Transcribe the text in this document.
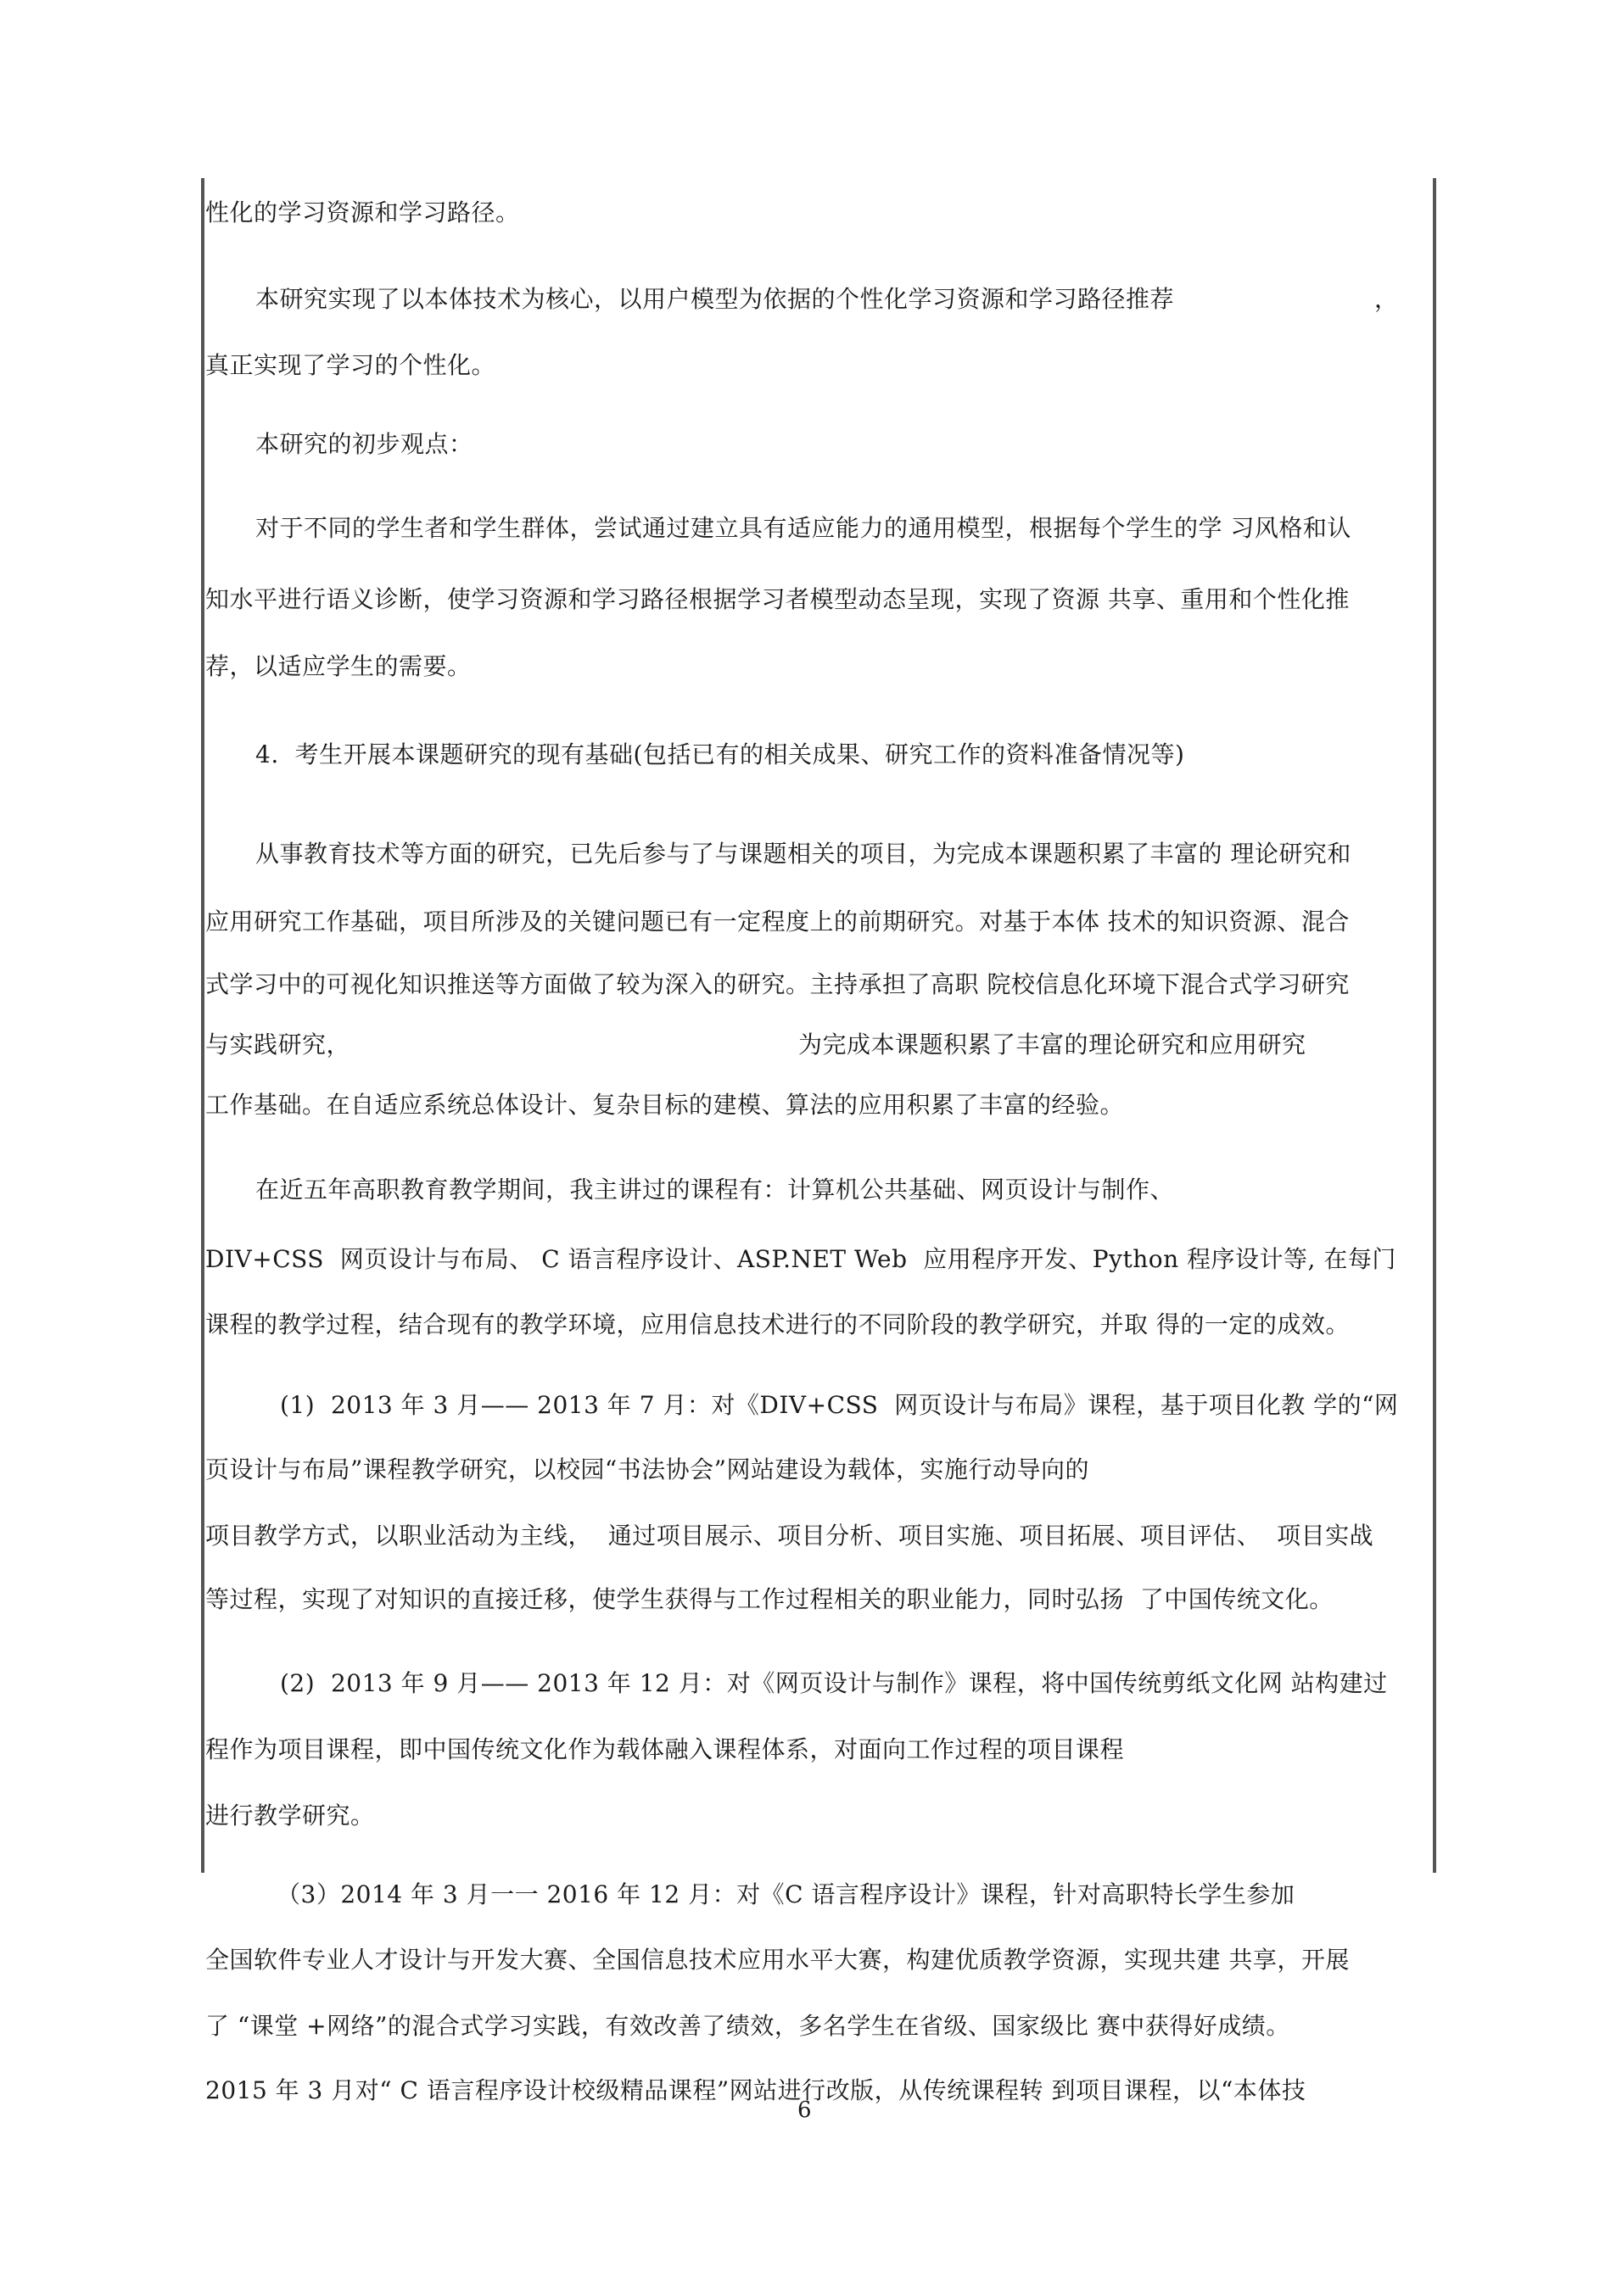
性化的学习资源和学习路径。
本研究实现了以本体技术为核心，以用户模型为依据的个性化学习资源和学习路径推荐	，
真正实现了学习的个性化。
本研究的初步观点：
对于不同的学生者和学生群体，尝试通过建立具有适应能力的通用模型，根据每个学生的学 习风格和认
知水平进行语义诊断，使学习资源和学习路径根据学习者模型动态呈现，实现了资源 共享、重用和个性化推
荐，以适应学生的需要。
4.  考生开展本课题研究的现有基础(包括已有的相关成果、研究工作的资料准备情况等)
从事教育技术等方面的研究，已先后参与了与课题相关的项目，为完成本课题积累了丰富的 理论研究和
应用研究工作基础，项目所涉及的关键问题已有一定程度上的前期研究。对基于本体 技术的知识资源、混合
式学习中的可视化知识推送等方面做了较为深入的研究。主持承担了高职 院校信息化环境下混合式学习研究
与实践研究，	为完成本课题积累了丰富的理论研究和应用研究
工作基础。在自适应系统总体设计、复杂目标的建模、算法的应用积累了丰富的经验。
在近五年高职教育教学期间，我主讲过的课程有：计算机公共基础、网页设计与制作、
DIV+CSS  网页设计与布局、 C 语言程序设计、ASP.NET Web  应用程序开发、Python 程序设计等, 在每门
课程的教学过程，结合现有的教学环境，应用信息技术进行的不同阶段的教学研究，并取 得的一定的成效。
(1)  2013 年 3 月—— 2013 年 7 月：对《DIV+CSS  网页设计与布局》课程，基于项目化教 学的“网
页设计与布局”课程教学研究，以校园“书法协会”网站建设为载体，实施行动导向的
项目教学方式，以职业活动为主线，  通过项目展示、项目分析、项目实施、项目拓展、项目评估、  项目实战
等过程，实现了对知识的直接迁移，使学生获得与工作过程相关的职业能力，同时弘扬  了中国传统文化。
(2)  2013 年 9 月—— 2013 年 12 月：对《网页设计与制作》课程，将中国传统剪纸文化网 站构建过
程作为项目课程，即中国传统文化作为载体融入课程体系，对面向工作过程的项目课程
进行教学研究。
（3）2014 年 3 月一一 2016 年 12 月：对《C 语言程序设计》课程，针对高职特长学生参加
全国软件专业人才设计与开发大赛、全国信息技术应用水平大赛，构建优质教学资源，实现共建 共享，开展
了 “课堂 +网络”的混合式学习实践，有效改善了绩效，多名学生在省级、国家级比 赛中获得好成绩。
2015 年 3 月对“ C 语言程序设计校级精品课程”网站进行改版，从传统课程转 到项目课程，以“本体技
6
